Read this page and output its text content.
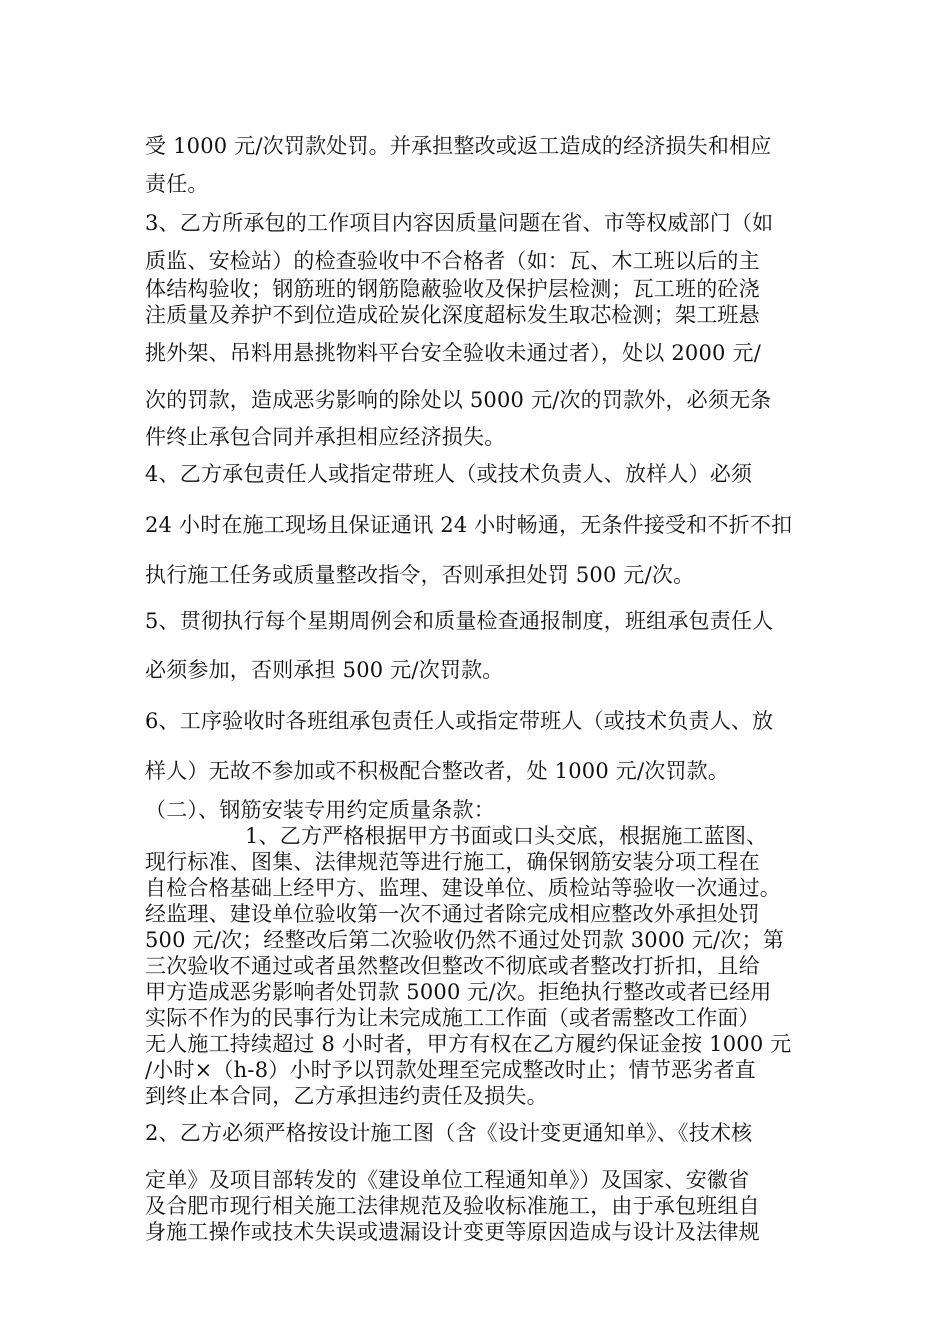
受 1000 元/次罚款处罚。并承担整改或返工造成的经济损失和相应
责任。
3、乙方所承包的工作项目内容因质量问题在省、市等权威部门（如
质监、安检站）的检查验收中不合格者（如：瓦、木工班以后的主
体结构验收；钢筋班的钢筋隐蔽验收及保护层检测；瓦工班的砼浇
注质量及养护不到位造成砼炭化深度超标发生取芯检测；架工班悬
挑外架、吊料用悬挑物料平台安全验收未通过者），处以 2000 元/
次的罚款，造成恶劣影响的除处以 5000 元/次的罚款外，必须无条
件终止承包合同并承担相应经济损失。
4、乙方承包责任人或指定带班人（或技术负责人、放样人）必须
24 小时在施工现场且保证通讯 24 小时畅通，无条件接受和不折不扣
执行施工任务或质量整改指令，否则承担处罚 500 元/次。
5、贯彻执行每个星期周例会和质量检查通报制度，班组承包责任人
必须参加，否则承担 500 元/次罚款。
6、工序验收时各班组承包责任人或指定带班人（或技术负责人、放
样人）无故不参加或不积极配合整改者，处 1000 元/次罚款。
（二）、钢筋安装专用约定质量条款：
1、乙方严格根据甲方书面或口头交底，根据施工蓝图、
现行标准、图集、法律规范等进行施工，确保钢筋安装分项工程在
自检合格基础上经甲方、监理、建设单位、质检站等验收一次通过。
经监理、建设单位验收第一次不通过者除完成相应整改外承担处罚
500 元/次；经整改后第二次验收仍然不通过处罚款 3000 元/次；第
三次验收不通过或者虽然整改但整改不彻底或者整改打折扣，且给
甲方造成恶劣影响者处罚款 5000 元/次。拒绝执行整改或者已经用
实际不作为的民事行为让未完成施工工作面（或者需整改工作面）
无人施工持续超过 8 小时者，甲方有权在乙方履约保证金按 1000 元
/小时×（h-8）小时予以罚款处理至完成整改时止；情节恶劣者直
到终止本合同，乙方承担违约责任及损失。
2、乙方必须严格按设计施工图（含《设计变更通知单》、《技术核
定单》及项目部转发的《建设单位工程通知单》）及国家、安徽省
及合肥市现行相关施工法律规范及验收标准施工，由于承包班组自
身施工操作或技术失误或遗漏设计变更等原因造成与设计及法律规
